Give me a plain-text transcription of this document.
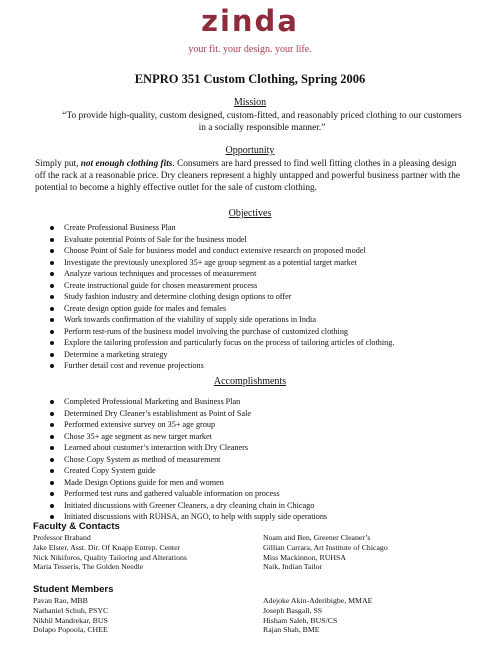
zinda
your fit. your design. your life.
ENPRO 351 Custom Clothing, Spring 2006
Mission
“To provide high-quality, custom designed, custom-fitted, and reasonably priced clothing to our customers in a socially responsible manner.”
Opportunity
Simply put, not enough clothing fits. Consumers are hard pressed to find well fitting clothes in a pleasing design off the rack at a reasonable price. Dry cleaners represent a highly untapped and powerful business partner with the potential to become a highly effective outlet for the sale of custom clothing.
Objectives
Create Professional Business Plan
Evaluate potential Points of Sale for the business model
Choose Point of Sale for business model and conduct extensive research on proposed model
Investigate the previously unexplored 35+ age group segment as a potential target market
Analyze various techniques and processes of measurement
Create instructional guide for chosen measurement process
Study fashion industry and determine clothing design options to offer
Create design option guide for males and females
Work towards confirmation of the viability of supply side operations in India
Perform test-runs of the business model involving the purchase of customized clothing
Explore the tailoring profession and particularly focus on the process of tailoring articles of clothing.
Determine a marketing strategy
Further detail cost and revenue projections
Accomplishments
Completed Professional Marketing and Business Plan
Determined Dry Cleaner’s establishment as Point of Sale
Performed extensive survey on 35+ age group
Chose 35+ age segment as new target market
Learned about customer’s interaction with Dry Cleaners
Chose Copy System as method of measurement
Created Copy System guide
Made Design Options guide for men and women
Performed test runs and gathered valuable information on process
Initiated discussions with Greener Cleaners, a dry cleaning chain in Chicago
Initiated discussions with RUHSA, an NGO, to help with supply side operations
Faculty & Contacts
Professor Braband
Jake Elster, Asst. Dir. Of Knapp Entrep. Center
Nick Nikiforos, Quality Tailoring and Alterations
Maria Tesseris, The Golden Needle
Noam and Ben, Greener Cleaner’s
Gillian Carrara, Art Institute of Chicago
Miss Mackinnon, RUHSA
Naik, Indian Tailor
Student Members
Pavan Rao, MBB
Nathaniel Schuh, PSYC
Nikhil Mandrekar, BUS
Dolapo Popoola, CHEE
Adejoke Akin-Aderibigbe, MMAE
Joseph Basgall, SS
Hisham Saleh, BUS/CS
Rajan Shah, BME
